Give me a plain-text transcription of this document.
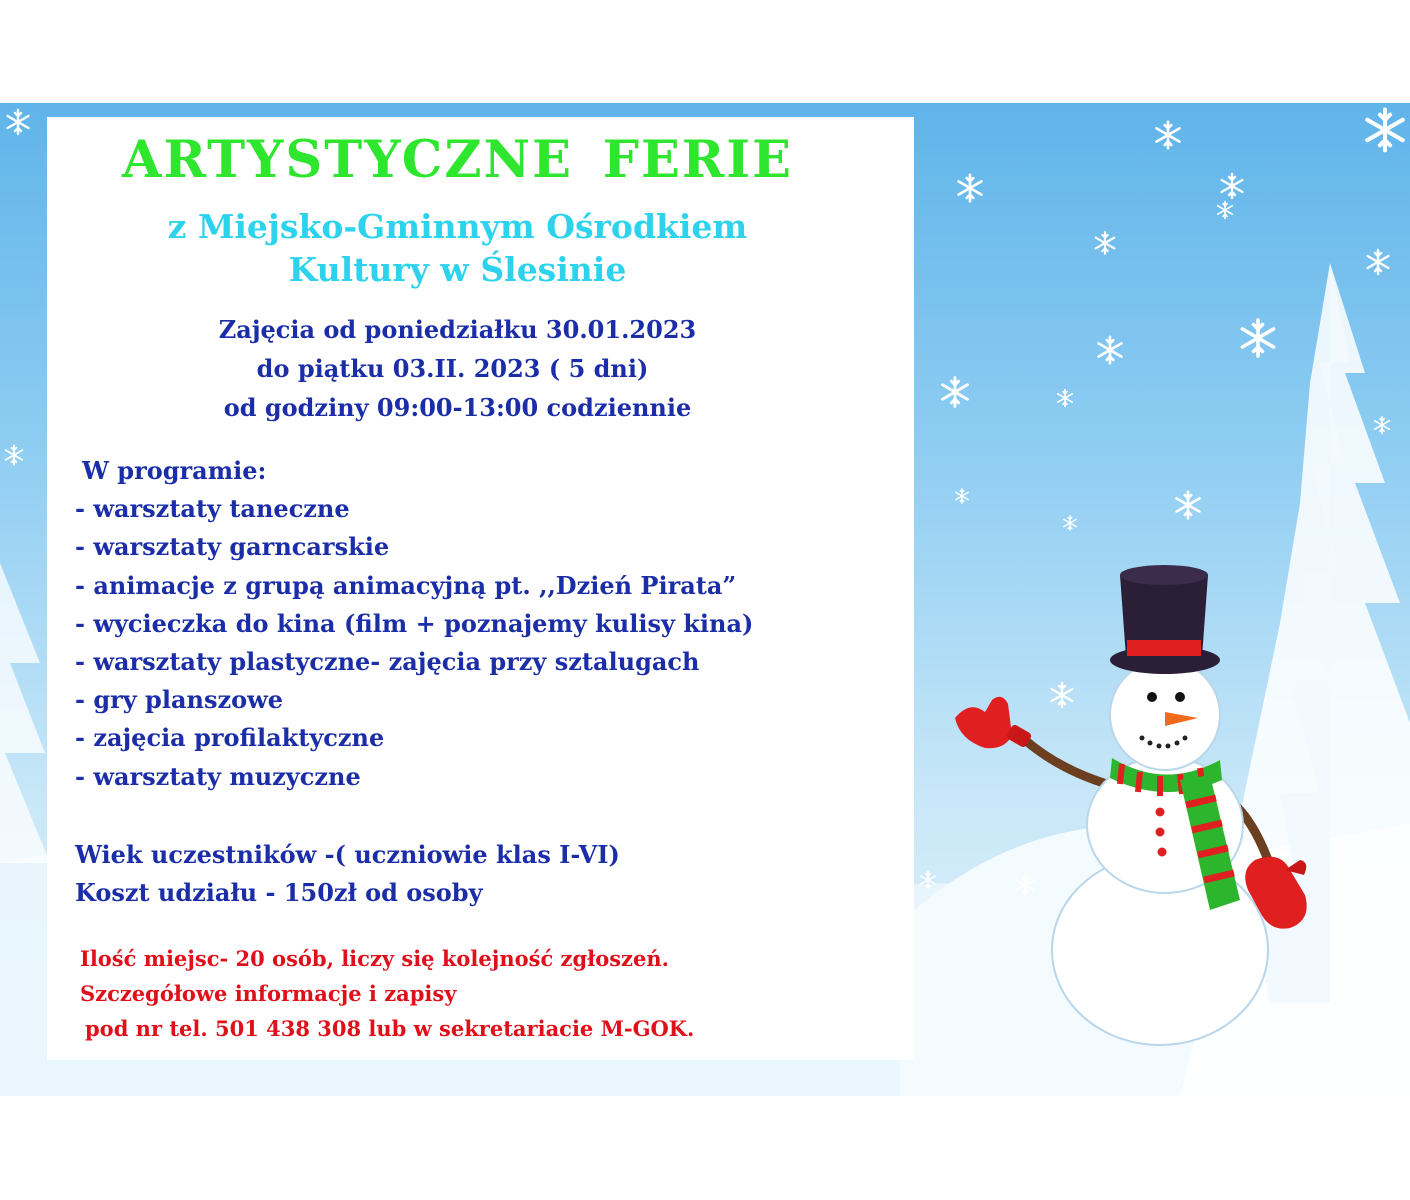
ARTYSTYCZNE FERIE
z Miejsko-Gminnym Ośrodkiem
Kultury w Ślesinie
Zajęcia od poniedziałku 30.01.2023
do piątku 03.II. 2023 ( 5 dni)
od godziny 09:00-13:00 codziennie
W programie:
- warsztaty taneczne
- warsztaty garncarskie
- animacje z grupą animacyjną pt. ,,Dzień Pirata”
- wycieczka do kina (film + poznajemy kulisy kina)
- warsztaty plastyczne- zajęcia przy sztalugach
- gry planszowe
- zajęcia profilaktyczne
- warsztaty muzyczne
Wiek uczestników -( uczniowie klas I-VI)
Koszt udziału - 150zł od osoby
Ilość miejsc- 20 osób, liczy się kolejność zgłoszeń.
Szczegółowe informacje i zapisy
pod nr tel. 501 438 308 lub w sekretariacie M-GOK.
